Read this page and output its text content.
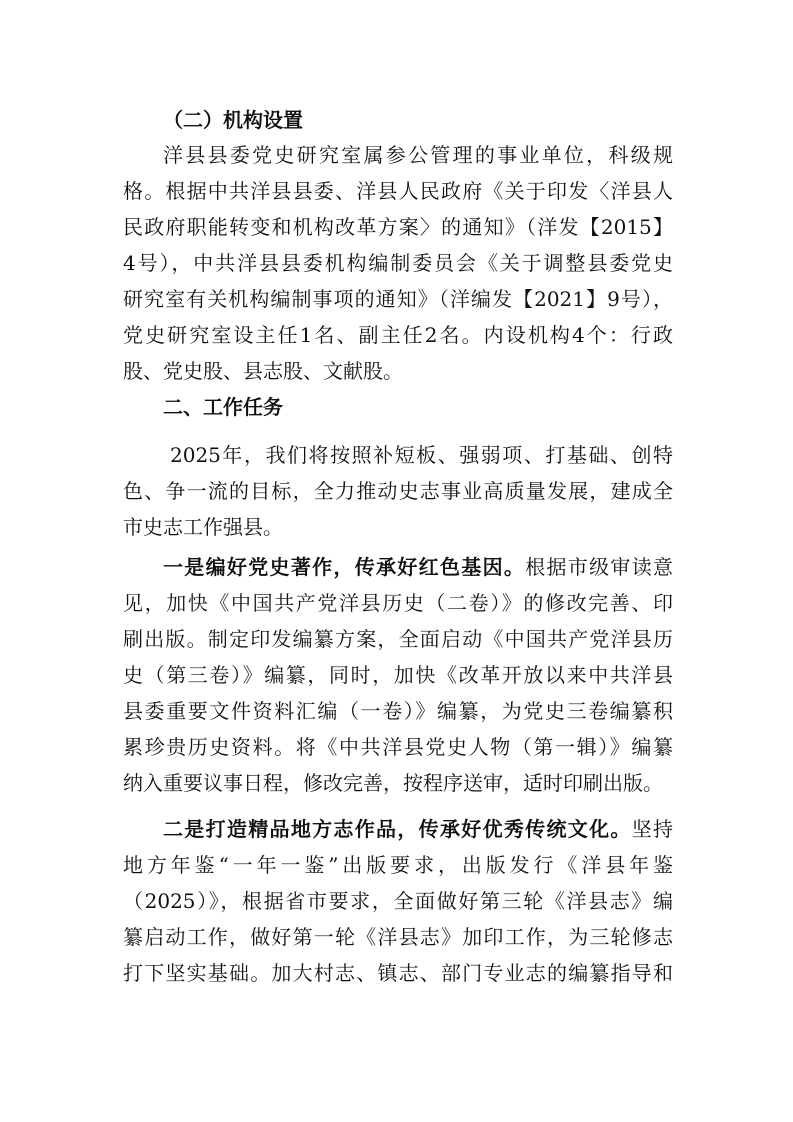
（二）机构设置
洋县县委党史研究室属参公管理的事业单位，科级规
格。根据中共洋县县委、洋县人民政府《关于印发〈洋县人
民政府职能转变和机构改革方案〉的通知》（洋发【2015】
4号），中共洋县县委机构编制委员会《关于调整县委党史
研究室有关机构编制事项的通知》（洋编发【2021】9号），
党史研究室设主任1名、副主任2名。内设机构4个：行政
股、党史股、县志股、文献股。
二、工作任务
2025年，我们将按照补短板、强弱项、打基础、创特
色、争一流的目标，全力推动史志事业高质量发展，建成全
市史志工作强县。
一是编好党史著作，传承好红色基因。根据市级审读意
见，加快《中国共产党洋县历史（二卷）》的修改完善、印
刷出版。制定印发编纂方案，全面启动《中国共产党洋县历
史（第三卷）》编纂，同时，加快《改革开放以来中共洋县
县委重要文件资料汇编（一卷）》编纂，为党史三卷编纂积
累珍贵历史资料。将《中共洋县党史人物（第一辑）》编纂
纳入重要议事日程，修改完善，按程序送审，适时印刷出版。
二是打造精品地方志作品，传承好优秀传统文化。坚持
地方年鉴“一年一鉴”出版要求，出版发行《洋县年鉴
（2025）》，根据省市要求，全面做好第三轮《洋县志》编
纂启动工作，做好第一轮《洋县志》加印工作，为三轮修志
打下坚实基础。加大村志、镇志、部门专业志的编纂指导和
